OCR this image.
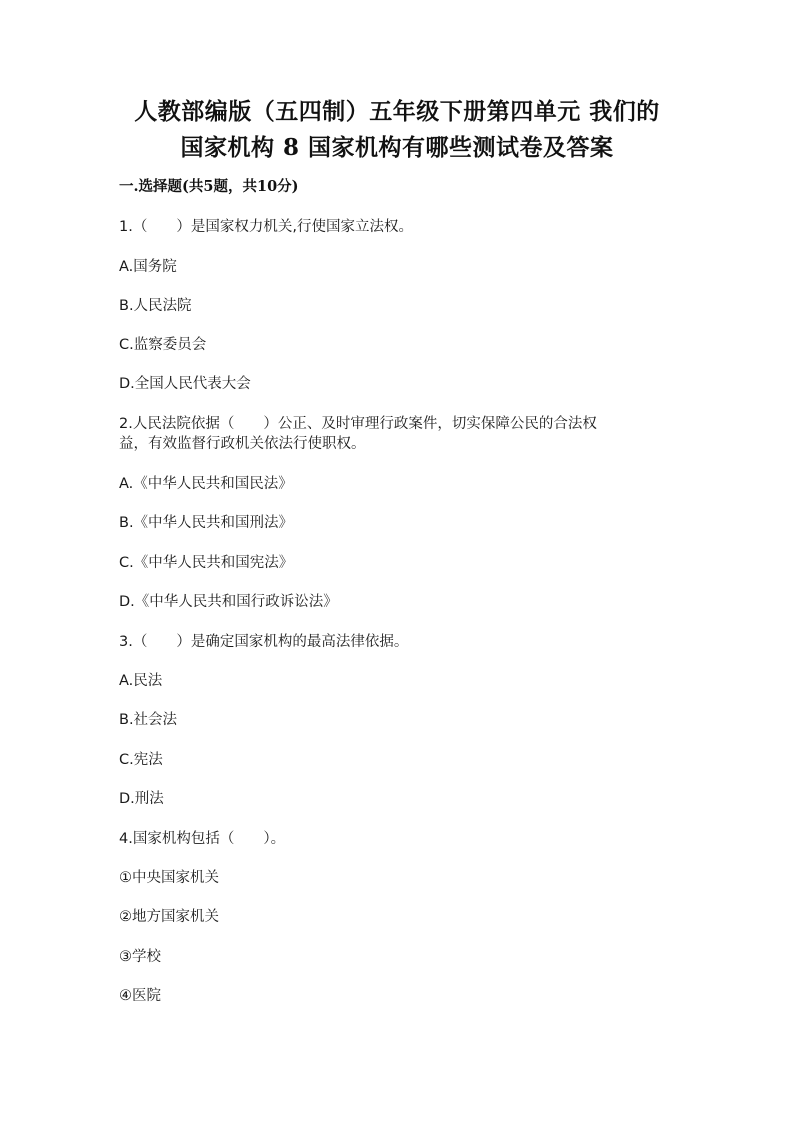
人教部编版（五四制）五年级下册第四单元 我们的
国家机构 8 国家机构有哪些测试卷及答案
一.选择题(共5题，共10分)
1.（　　）是国家权力机关,行使国家立法权。
A.国务院
B.人民法院
C.监察委员会
D.全国人民代表大会
2.人民法院依据（　　）公正、及时审理行政案件，切实保障公民的合法权
益，有效监督行政机关依法行使职权。
A.《中华人民共和国民法》
B.《中华人民共和国刑法》
C.《中华人民共和国宪法》
D.《中华人民共和国行政诉讼法》
3.（　　）是确定国家机构的最高法律依据。
A.民法
B.社会法
C.宪法
D.刑法
4.国家机构包括（　　）。
①中央国家机关
②地方国家机关
③学校
④医院
